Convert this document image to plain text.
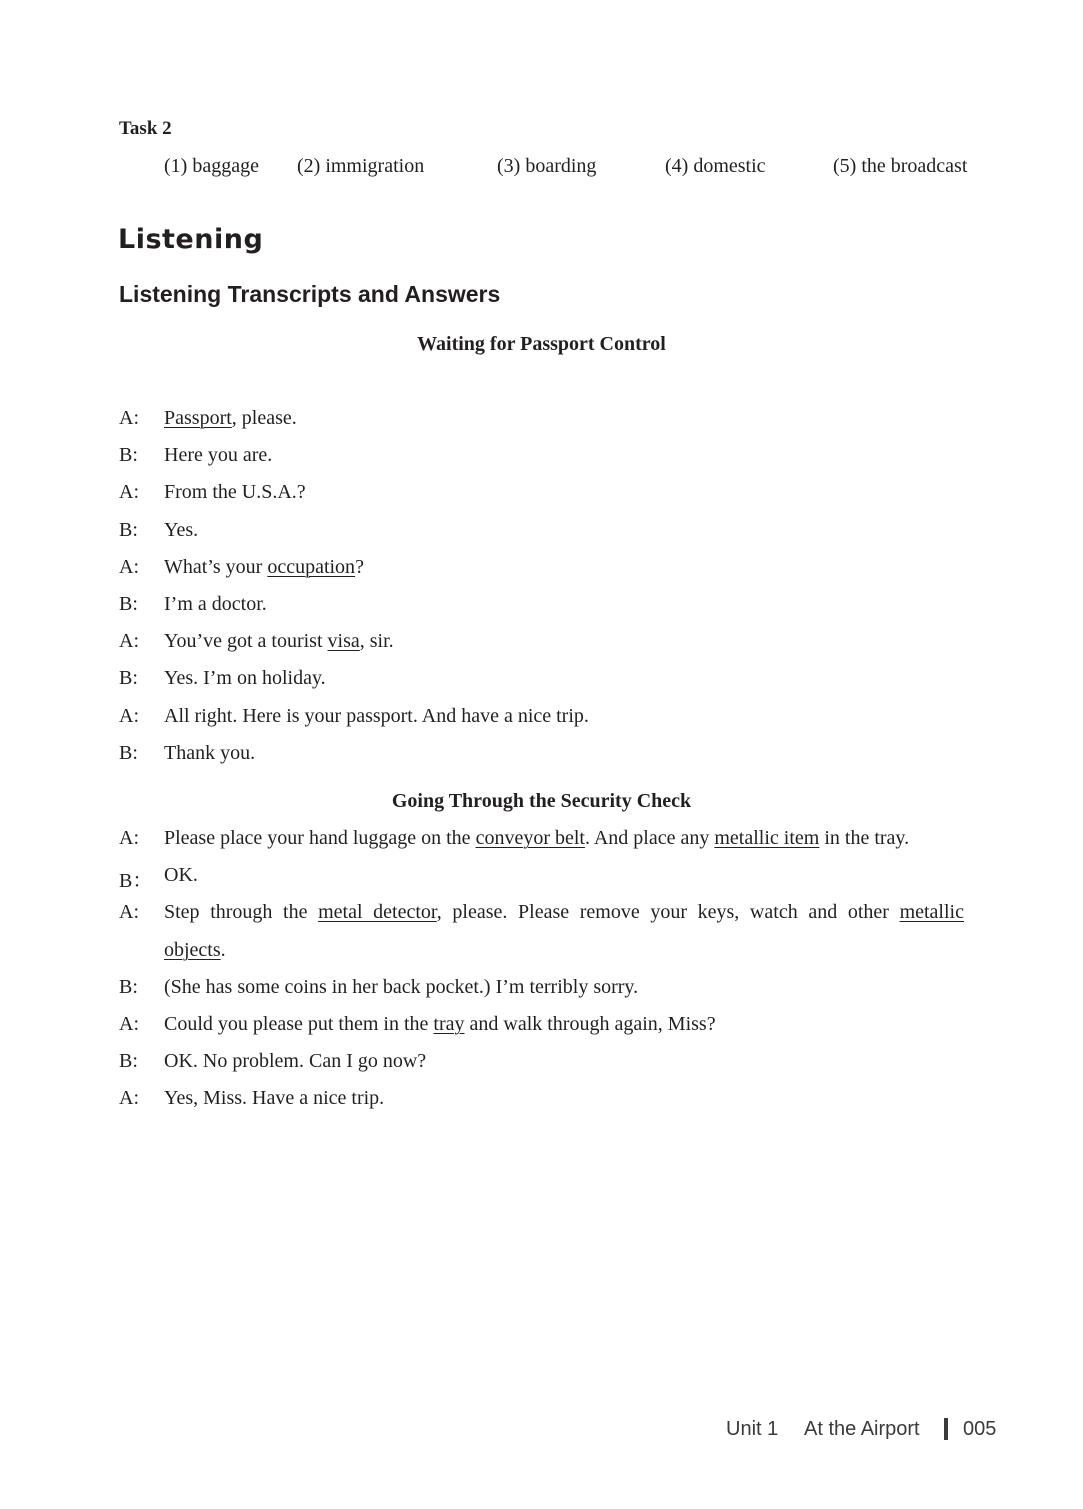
Task 2
(1) baggage (2) immigration	(3) boarding	(4) domestic	(5) the broadcast
Listening
Listening Transcripts and Answers
Waiting for Passport Control
A: Passport, please.
B: Here you are.
A: From the U.S.A.?
B: Yes.
A: What’s your occupation?
B: I’m a doctor.
A: You’ve got a tourist visa, sir.
B: Yes. I’m on holiday.
A: All right. Here is your passport. And have a nice trip.
B: Thank you.
Going Through the Security Check
A: Please place your hand luggage on the conveyor belt. And place any metallic item in the tray.
B： OK.
A: Step through the metal detector, please. Please remove your keys, watch and other metallic
objects.
B: (She has some coins in her back pocket.) I’m terribly sorry.
A: Could you please put them in the tray and walk through again, Miss?
B: OK. No problem. Can I go now?
A: Yes, Miss. Have a nice trip.
Unit 1 At the Airport 005
